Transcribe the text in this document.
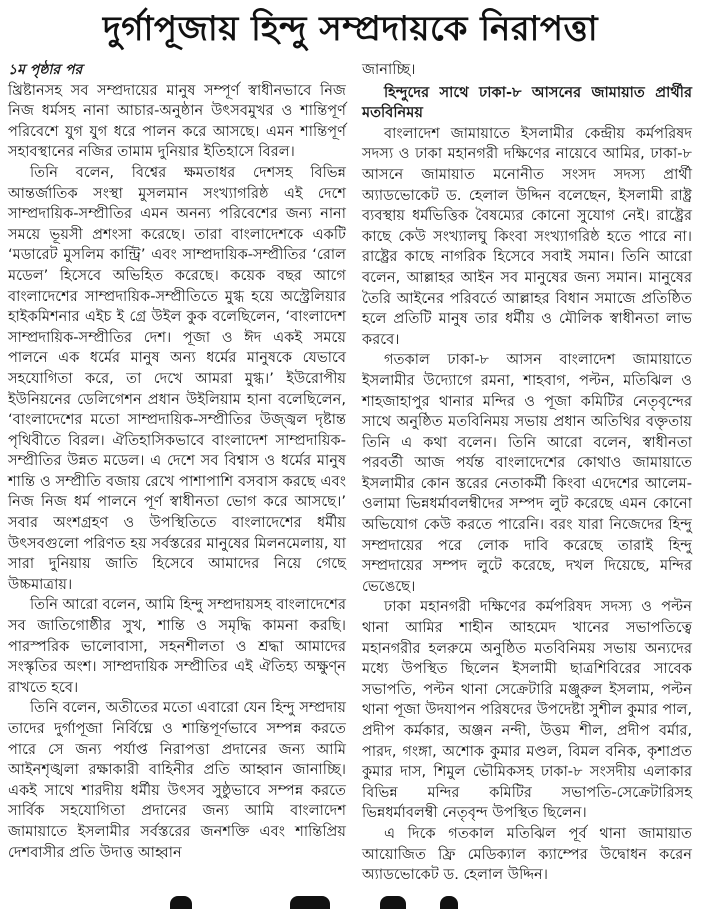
দুর্গাপূজায় হিন্দু সম্প্রদায়কে নিরাপত্তা
১ম পৃষ্ঠার পর

খ্রিষ্টানসহ সব সম্প্রদায়ের মানুষ সম্পূর্ণ স্বাধীনভাবে নিজ নিজ ধর্মসহ নানা আচার-অনুষ্ঠান উৎসবমুখর ও শান্তিপূর্ণ পরিবেশে যুগ যুগ ধরে পালন করে আসছে। এমন শান্তিপূর্ণ সহাবস্থানের নজির তামাম দুনিয়ার ইতিহাসে বিরল।

তিনি বলেন, বিশ্বের ক্ষমতাধর দেশসহ বিভিন্ন আন্তর্জাতিক সংস্থা মুসলমান সংখ্যাগরিষ্ঠ এই দেশে সাম্প্রদায়িক-সম্প্রীতির এমন অনন্য পরিবেশের জন্য নানা সময়ে ভূয়সী প্রশংসা করেছে। তারা বাংলাদেশকে একটি ‘মডারেট মুসলিম কান্ট্রি’ এবং সাম্প্রদায়িক-সম্প্রীতির ‘রোল মডেল’ হিসেবে অভিহিত করেছে। কয়েক বছর আগে বাংলাদেশের সাম্প্রদায়িক-সম্প্রীতিতে মুগ্ধ হয়ে অস্ট্রেলিয়ার হাইকমিশনার এইচ ই গ্রে উইল কুক বলেছিলেন, ‘বাংলাদেশ সাম্প্রদায়িক-সম্প্রীতির দেশ। পূজা ও ঈদ একই সময়ে পালনে এক ধর্মের মানুষ অন্য ধর্মের মানুষকে যেভাবে সহযোগিতা করে, তা দেখে আমরা মুগ্ধ।’ ইউরোপীয় ইউনিয়নের ডেলিগেশন প্রধান উইলিয়াম হানা বলেছিলেন, ‘বাংলাদেশের মতো সাম্প্রদায়িক-সম্প্রীতির উজ্জ্বল দৃষ্টান্ত পৃথিবীতে বিরল। ঐতিহাসিকভাবে বাংলাদেশ সাম্প্রদায়িক-সম্প্রীতির উন্নত মডেল। এ দেশে সব বিশ্বাস ও ধর্মের মানুষ শান্তি ও সম্প্রীতি বজায় রেখে পাশাপাশি বসবাস করছে এবং নিজ নিজ ধর্ম পালনে পূর্ণ স্বাধীনতা ভোগ করে আসছে।’ সবার অংশগ্রহণ ও উপস্থিতিতে বাংলাদেশের ধর্মীয় উৎসবগুলো পরিণত হয় সর্বস্তরের মানুষের মিলনমেলায়, যা সারা দুনিয়ায় জাতি হিসেবে আমাদের নিয়ে গেছে উচ্চমাত্রায়।

তিনি আরো বলেন, আমি হিন্দু সম্প্রদায়সহ বাংলাদেশের সব জাতিগোষ্ঠীর সুখ, শান্তি ও সমৃদ্ধি কামনা করছি। পারস্পরিক ভালোবাসা, সহনশীলতা ও শ্রদ্ধা আমাদের সংস্কৃতির অংশ। সাম্প্রদায়িক সম্প্রীতির এই ঐতিহ্য অক্ষুণ্ন রাখতে হবে।

তিনি বলেন, অতীতের মতো এবারো যেন হিন্দু সম্প্রদায় তাদের দুর্গাপূজা নির্বিঘ্নে ও শান্তিপূর্ণভাবে সম্পন্ন করতে পারে সে জন্য পর্যাপ্ত নিরাপত্তা প্রদানের জন্য আমি আইনশৃঙ্খলা রক্ষাকারী বাহিনীর প্রতি আহ্বান জানাচ্ছি। একই সাথে শারদীয় ধর্মীয় উৎসব সুষ্ঠুভাবে সম্পন্ন করতে সার্বিক সহযোগিতা প্রদানের জন্য আমি বাংলাদেশ জামায়াতে ইসলামীর সর্বস্তরের জনশক্তি এবং শান্তিপ্রিয় দেশবাসীর প্রতি উদাত্ত আহ্বান

জানাচ্ছি।

হিন্দুদের সাথে ঢাকা-৮ আসনের জামায়াত প্রার্থীর মতবিনিময়

বাংলাদেশ জামায়াতে ইসলামীর কেন্দ্রীয় কর্মপরিষদ সদস্য ও ঢাকা মহানগরী দক্ষিণের নায়েবে আমির, ঢাকা-৮ আসনে জামায়াত মনোনীত সংসদ সদস্য প্রার্থী অ্যাডভোকেট ড. হেলাল উদ্দিন বলেছেন, ইসলামী রাষ্ট্র ব্যবস্থায় ধর্মভিত্তিক বৈষম্যের কোনো সুযোগ নেই। রাষ্ট্রের কাছে কেউ সংখ্যালঘু কিংবা সংখ্যাগরিষ্ঠ হতে পারে না। রাষ্ট্রের কাছে নাগরিক হিসেবে সবাই সমান। তিনি আরো বলেন, আল্লাহর আইন সব মানুষের জন্য সমান। মানুষের তৈরি আইনের পরিবর্তে আল্লাহর বিধান সমাজে প্রতিষ্ঠিত হলে প্রতিটি মানুষ তার ধর্মীয় ও মৌলিক স্বাধীনতা লাভ করবে।

গতকাল ঢাকা-৮ আসন বাংলাদেশ জামায়াতে ইসলামীর উদ্যোগে রমনা, শাহবাগ, পল্টন, মতিঝিল ও শাহজাহাপুর থানার মন্দির ও পূজা কমিটির নেতৃবৃন্দের সাথে অনুষ্ঠিত মতবিনিময় সভায় প্রধান অতিথির বক্তৃতায় তিনি এ কথা বলেন। তিনি আরো বলেন, স্বাধীনতা পরবর্তী আজ পর্যন্ত বাংলাদেশের কোথাও জামায়াতে ইসলামীর কোন স্তরের নেতাকর্মী কিংবা এদেশের আলেম-ওলামা ভিন্নধর্মাবলম্বীদের সম্পদ লুট করেছে এমন কোনো অভিযোগ কেউ করতে পারেনি। বরং যারা নিজেদের হিন্দু সম্প্রদায়ের পরে লোক দাবি করেছে তারাই হিন্দু সম্প্রদায়ের সম্পদ লুটে করেছে, দখল দিয়েছে, মন্দির ভেঙেছে।

ঢাকা মহানগরী দক্ষিণের কর্মপরিষদ সদস্য ও পল্টন থানা আমির শাহীন আহমেদ খানের সভাপতিত্বে মহানগরীর হলরুমে অনুষ্ঠিত মতবিনিময় সভায় অন্যদের মধ্যে উপস্থিত ছিলেন ইসলামী ছাত্রশিবিরের সাবেক সভাপতি, পল্টন থানা সেক্রেটারি মঞ্জুরুল ইসলাম, পল্টন থানা পূজা উদযাপন পরিষদের উপদেষ্টা সুশীল কুমার পাল, প্রদীপ কর্মকার, অঞ্জন নন্দী, উত্তম শীল, প্রদীপ বর্মার, পারদ, গংঙ্গা, অশোক কুমার মণ্ডল, বিমল বনিক, কৃশাপ্রত কুমার দাস, শিমুল ভৌমিকসহ ঢাকা-৮ সংসদীয় এলাকার বিভিন্ন মন্দির কমিটির সভাপতি-সেক্রেটারিসহ ভিন্নধর্মাবলম্বী নেতৃবৃন্দ উপস্থিত ছিলেন।

এ দিকে গতকাল মতিঝিল পূর্ব থানা জামায়াত আয়োজিত ফ্রি মেডিক্যাল ক্যাম্পের উদ্বোধন করেন অ্যাডভোকেট ড. হেলাল উদ্দিন।
